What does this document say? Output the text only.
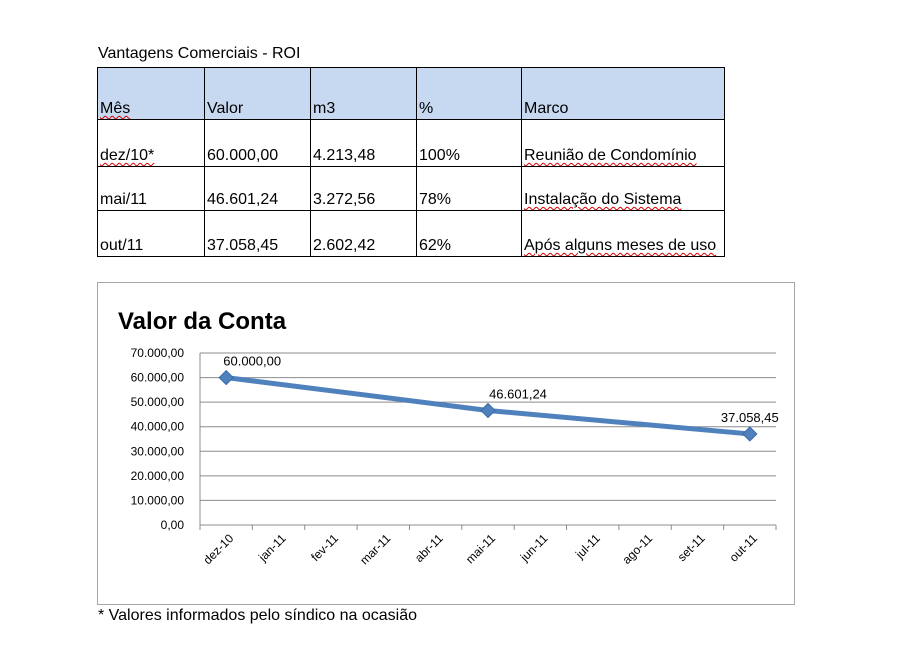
Vantagens Comerciais - ROI

Mês	Valor	m3	%	Marco
dez/10*	60.000,00	4.213,48	100%	Reunião de Condomínio
mai/11	46.601,24	3.272,56	78%	Instalação do Sistema
out/11	37.058,45	2.602,42	62%	Após alguns meses de uso
Valor da Conta
0,00
10.000,00
20.000,00
30.000,00
40.000,00
50.000,00
60.000,00
70.000,00
dez-10 jan-11 fev-11 mar-11 abr-11 mai-11 jun-11 jul-11 ago-11 set-11 out-11
60.000,00
46.601,24
37.058,45

* Valores informados pelo síndico na ocasião
